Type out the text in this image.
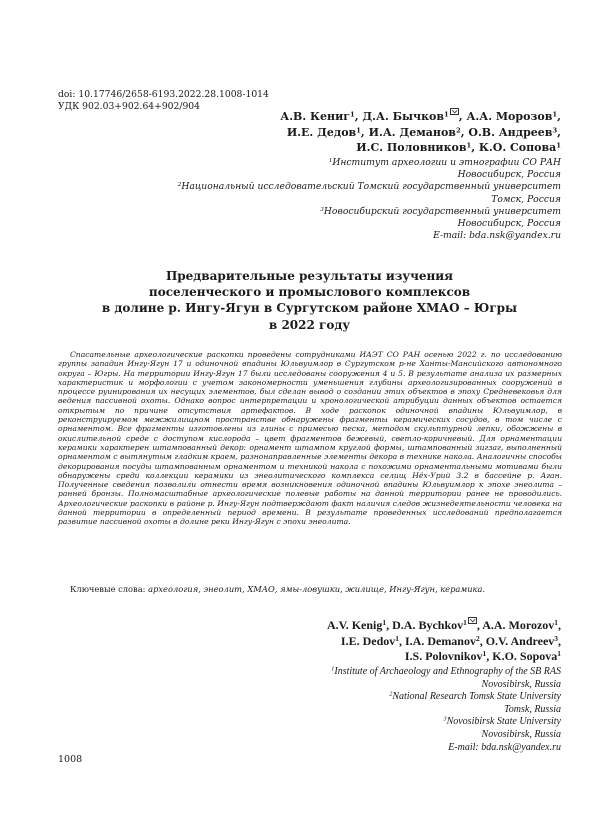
doi: 10.17746/2658-6193.2022.28.1008-1014
УДК 902.03+902.64+902/904
А.В. Кениг$^1$, Д.А. Бычков$^1$ , А.А. Морозов$^1$,
И.Е. Дедов$^1$, И.А. Деманов$^2$, О.В. Андреев$^3$,
И.С. Половников$^1$, К.О. Сопова$^1$
$^1$Институт археологии и этнографии СО РАН
Новосибирск, Россия
$^2$Национальный исследовательский Томский государственный университет
Томск, Россия
$^3$Новосибирский государственный университет
Новосибирск, Россия
E-mail: bda.nsk@yandex.ru
Предварительные результаты изучения
поселенческого и промыслового комплексов
в долине р. Ингу-Ягун в Сургутском районе ХМАО – Югры
в 2022 году

Спасательные археологические раскопки проведены сотрудниками ИАЭТ СО РАН осенью 2022 г. по исследованию группы западин Ингу-Ягун 17 и одиночной впадины Юльвуимлор в Сургутском р-не Ханты-Мансийского автономного округа – Югры. На территории Ингу-Ягун 17 были исследованы сооружения 4 и 5. В результате анализа их размерных характеристик и морфологии с учетом закономерности уменьшения глубины археологизированных сооружений в процессе руинирования их несущих элементов, был сделан вывод о создании этих объектов в эпоху Средневековья для ведения пассивной охоты. Однако вопрос интерпретации и хронологической атрибуции данных объектов остается открытым по причине отсутствия артефактов. В ходе раскопок одиночной впадины Юльвуимлор, в реконструируемом межжилищном пространстве обнаружены фрагменты керамических сосудов, в том числе с орнаментом. Все фрагменты изготовлены из глины с примесью песка, методом скульптурной лепки, обожжены в окислительной среде с доступом кислорода – цвет фрагментов бежевый, светло-коричневый. Для орнаментации керамики характерен штампованный декор: орнамент штампом круглой формы, штампованный зигзаг, выполненный орнаментом с вытянутым гладким краем, разнонаправленные элементы декора в технике накола. Аналогичны способы декорирования посуды штампованным орнаментом и техникой накола с похожими орнаментальными мотивами были обнаружены среди коллекции керамики из энеолитического комплекса селищ Нёх-Урий 3.2 в бассейне р. Аган. Полученные сведения позволили отнести время возникновения одиночной впадины Юльвуимлор к эпохе энеолита – ранней бронзы. Полномасштабные археологические полевые работы на данной территории ранее не проводились. Археологические раскопки в районе р. Ингу-Ягун подтверждают факт наличия следов жизнедеятельности человека на данной территории в определенный период времени. В результате проведенных исследований предполагается развитие пассивной охоты в долине реки Ингу-Ягун с эпохи энеолита.

Ключевые слова: археология, энеолит, ХМАО, ямы-ловушки, жилище, Ингу-Ягун, керамика.
A.V. Kenig$^1$, D.A. Bychkov$^1$ , A.A. Morozov$^1$,
I.E. Dedov$^1$, I.A. Demanov$^2$, O.V. Andreev$^3$,
I.S. Polovnikov$^1$, K.O. Sopova$^1$
$^1$Institute of Archaeology and Ethnography of the SB RAS
Novosibirsk, Russia
$^2$National Research Tomsk State University
Tomsk, Russia
$^3$Novosibirsk State University
Novosibirsk, Russia
E-mail: bda.nsk@yandex.ru
1008
